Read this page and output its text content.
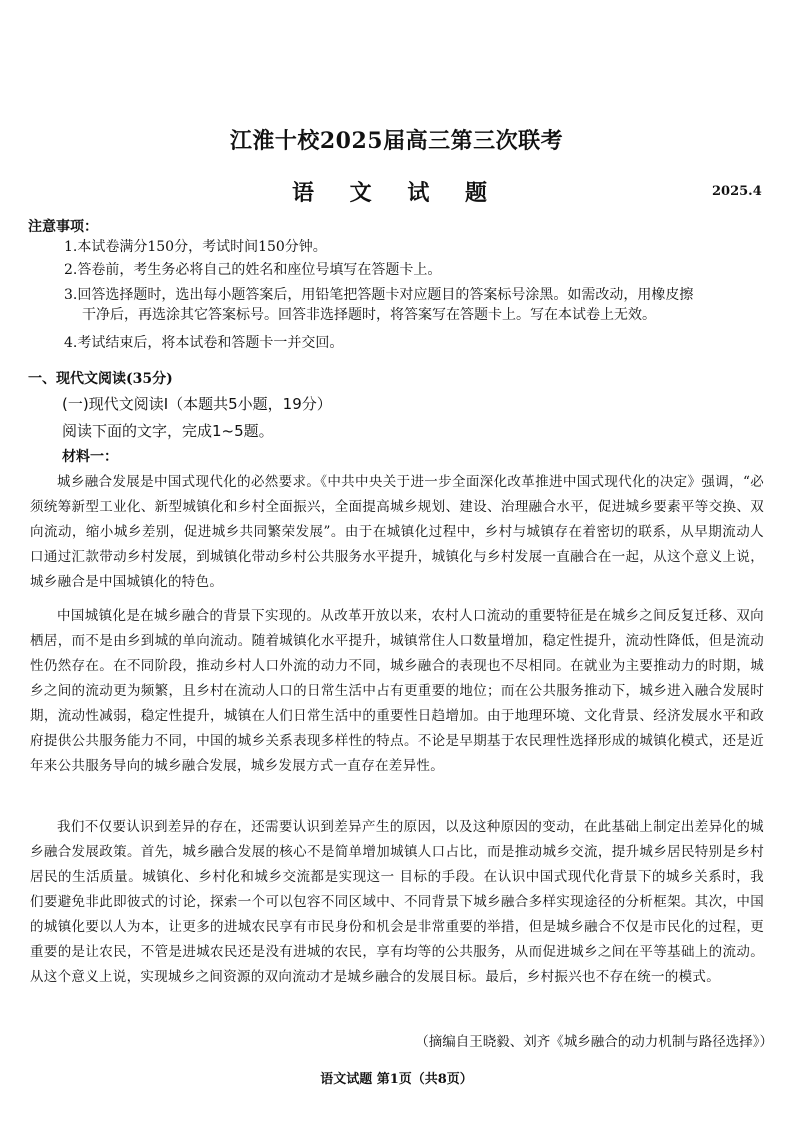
江淮十校2025届高三第三次联考
语 文 试 题	2025.4
注意事项：
1.本试卷满分150分，考试时间150分钟。
2.答卷前，考生务必将自己的姓名和座位号填写在答题卡上。
3.回答选择题时，选出每小题答案后，用铅笔把答题卡对应题目的答案标号涂黑。如需改动，用橡皮擦
干净后，再选涂其它答案标号。回答非选择题时，将答案写在答题卡上。写在本试卷上无效。
4.考试结束后，将本试卷和答题卡一并交回。
一、现代文阅读(35分)
(一)现代文阅读I（本题共5小题，19分）
阅读下面的文字，完成1~5题。
材料一：
城乡融合发展是中国式现代化的必然要求。《中共中央关于进一步全面深化改革推进中国式现代化的决定》强调，“必须统筹新型工业化、新型城镇化和乡村全面振兴，全面提高城乡规划、建设、治理融合水平，促进城乡要素平等交换、双向流动，缩小城乡差别，促进城乡共同繁荣发展”。由于在城镇化过程中，乡村与城镇存在着密切的联系，从早期流动人口通过汇款带动乡村发展，到城镇化带动乡村公共服务水平提升，城镇化与乡村发展一直融合在一起，从这个意义上说，城乡融合是中国城镇化的特色。
中国城镇化是在城乡融合的背景下实现的。从改革开放以来，农村人口流动的重要特征是在城乡之间反复迁移、双向栖居，而不是由乡到城的单向流动。随着城镇化水平提升，城镇常住人口数量增加，稳定性提升，流动性降低，但是流动性仍然存在。在不同阶段，推动乡村人口外流的动力不同，城乡融合的表现也不尽相同。在就业为主要推动力的时期，城乡之间的流动更为频繁，且乡村在流动人口的日常生活中占有更重要的地位；而在公共服务推动下，城乡进入融合发展时期，流动性减弱，稳定性提升，城镇在人们日常生活中的重要性日趋增加。由于地理环境、文化背景、经济发展水平和政府提供公共服务能力不同，中国的城乡关系表现多样性的特点。不论是早期基于农民理性选择形成的城镇化模式，还是近年来公共服务导向的城乡融合发展，城乡发展方式一直存在差异性。
我们不仅要认识到差异的存在，还需要认识到差异产生的原因，以及这种原因的变动，在此基础上制定出差异化的城乡融合发展政策。首先，城乡融合发展的核心不是简单增加城镇人口占比，而是推动城乡交流，提升城乡居民特别是乡村居民的生活质量。城镇化、乡村化和城乡交流都是实现这一 目标的手段。在认识中国式现代化背景下的城乡关系时，我们要避免非此即彼式的讨论，探索一个可以包容不同区域中、不同背景下城乡融合多样实现途径的分析框架。其次，中国的城镇化要以人为本，让更多的进城农民享有市民身份和机会是非常重要的举措，但是城乡融合不仅是市民化的过程，更重要的是让农民，不管是进城农民还是没有进城的农民，享有均等的公共服务，从而促进城乡之间在平等基础上的流动。从这个意义上说，实现城乡之间资源的双向流动才是城乡融合的发展目标。最后，乡村振兴也不存在统一的模式。
（摘编自王晓毅、刘齐《城乡融合的动力机制与路径选择》）
语文试题 第1页（共8页）
